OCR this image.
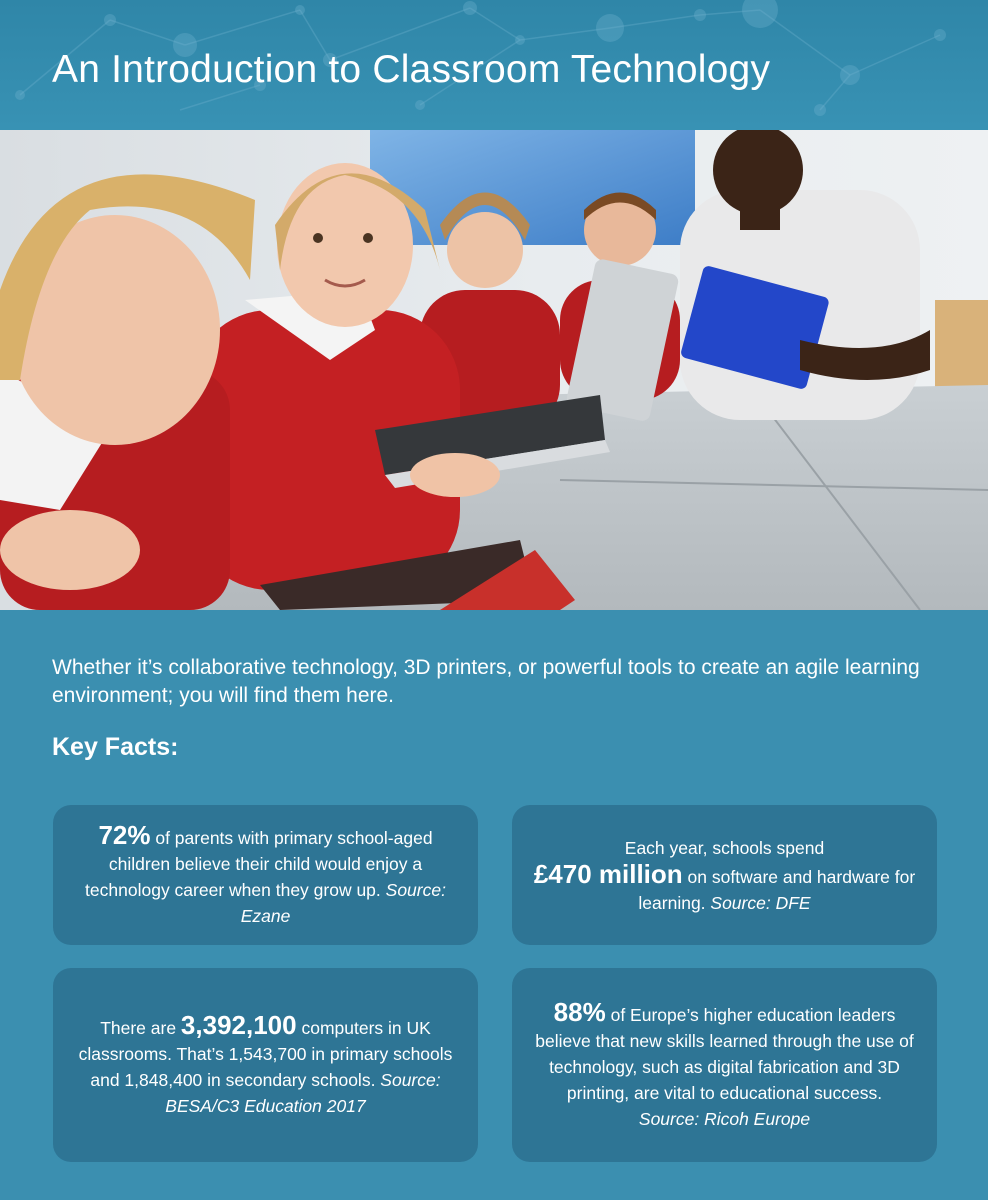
An Introduction to Classroom Technology

Whether it’s collaborative technology, 3D printers, or powerful tools to create an agile learning environment; you will find them here.

Key Facts:

72% of parents with primary school-aged children believe their child would enjoy a technology career when they grow up. Source: Ezane

Each year, schools spend
£470 million on software and hardware for learning. Source: DFE

There are 3,392,100 computers in UK classrooms. That’s 1,543,700 in primary schools and 1,848,400 in secondary schools. Source: BESA/C3 Education 2017

88% of Europe’s higher education leaders believe that new skills learned through the use of technology, such as digital fabrication and 3D printing, are vital to educational success.
Source: Ricoh Europe
